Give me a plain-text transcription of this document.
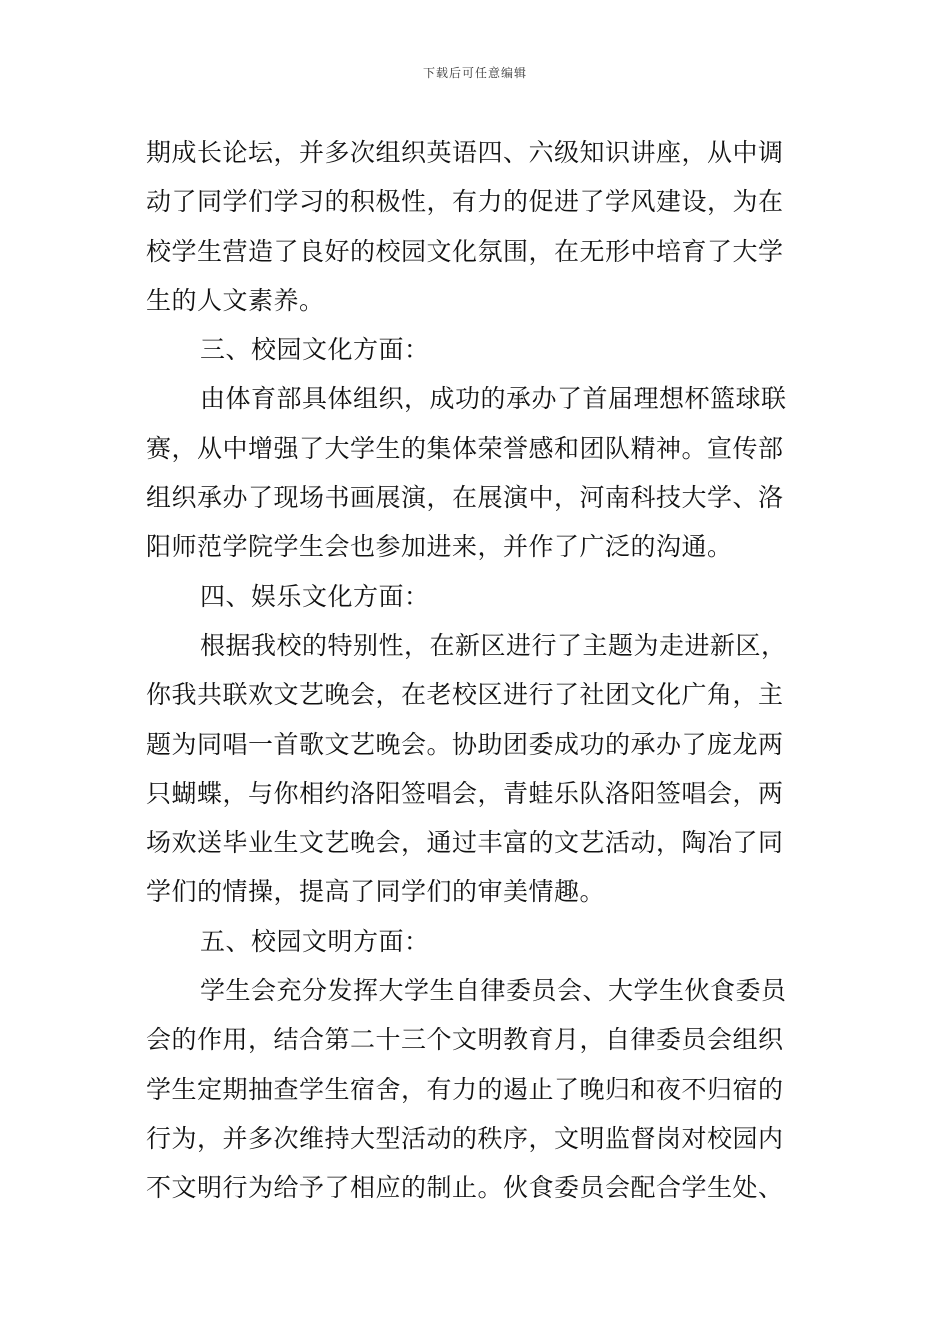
下载后可任意编辑
期成长论坛，并多次组织英语四、六级知识讲座，从中调
动了同学们学习的积极性，有力的促进了学风建设，为在
校学生营造了良好的校园文化氛围，在无形中培育了大学
生的人文素养。
三、校园文化方面：
由体育部具体组织，成功的承办了首届理想杯篮球联
赛，从中增强了大学生的集体荣誉感和团队精神。宣传部
组织承办了现场书画展演，在展演中，河南科技大学、洛
阳师范学院学生会也参加进来，并作了广泛的沟通。
四、娱乐文化方面：
根据我校的特别性，在新区进行了主题为走进新区，
你我共联欢文艺晚会，在老校区进行了社团文化广角，主
题为同唱一首歌文艺晚会。协助团委成功的承办了庞龙两
只蝴蝶，与你相约洛阳签唱会，青蛙乐队洛阳签唱会，两
场欢送毕业生文艺晚会，通过丰富的文艺活动，陶冶了同
学们的情操，提高了同学们的审美情趣。
五、校园文明方面：
学生会充分发挥大学生自律委员会、大学生伙食委员
会的作用，结合第二十三个文明教育月，自律委员会组织
学生定期抽查学生宿舍，有力的遏止了晚归和夜不归宿的
行为，并多次维持大型活动的秩序，文明监督岗对校园内
不文明行为给予了相应的制止。伙食委员会配合学生处、
